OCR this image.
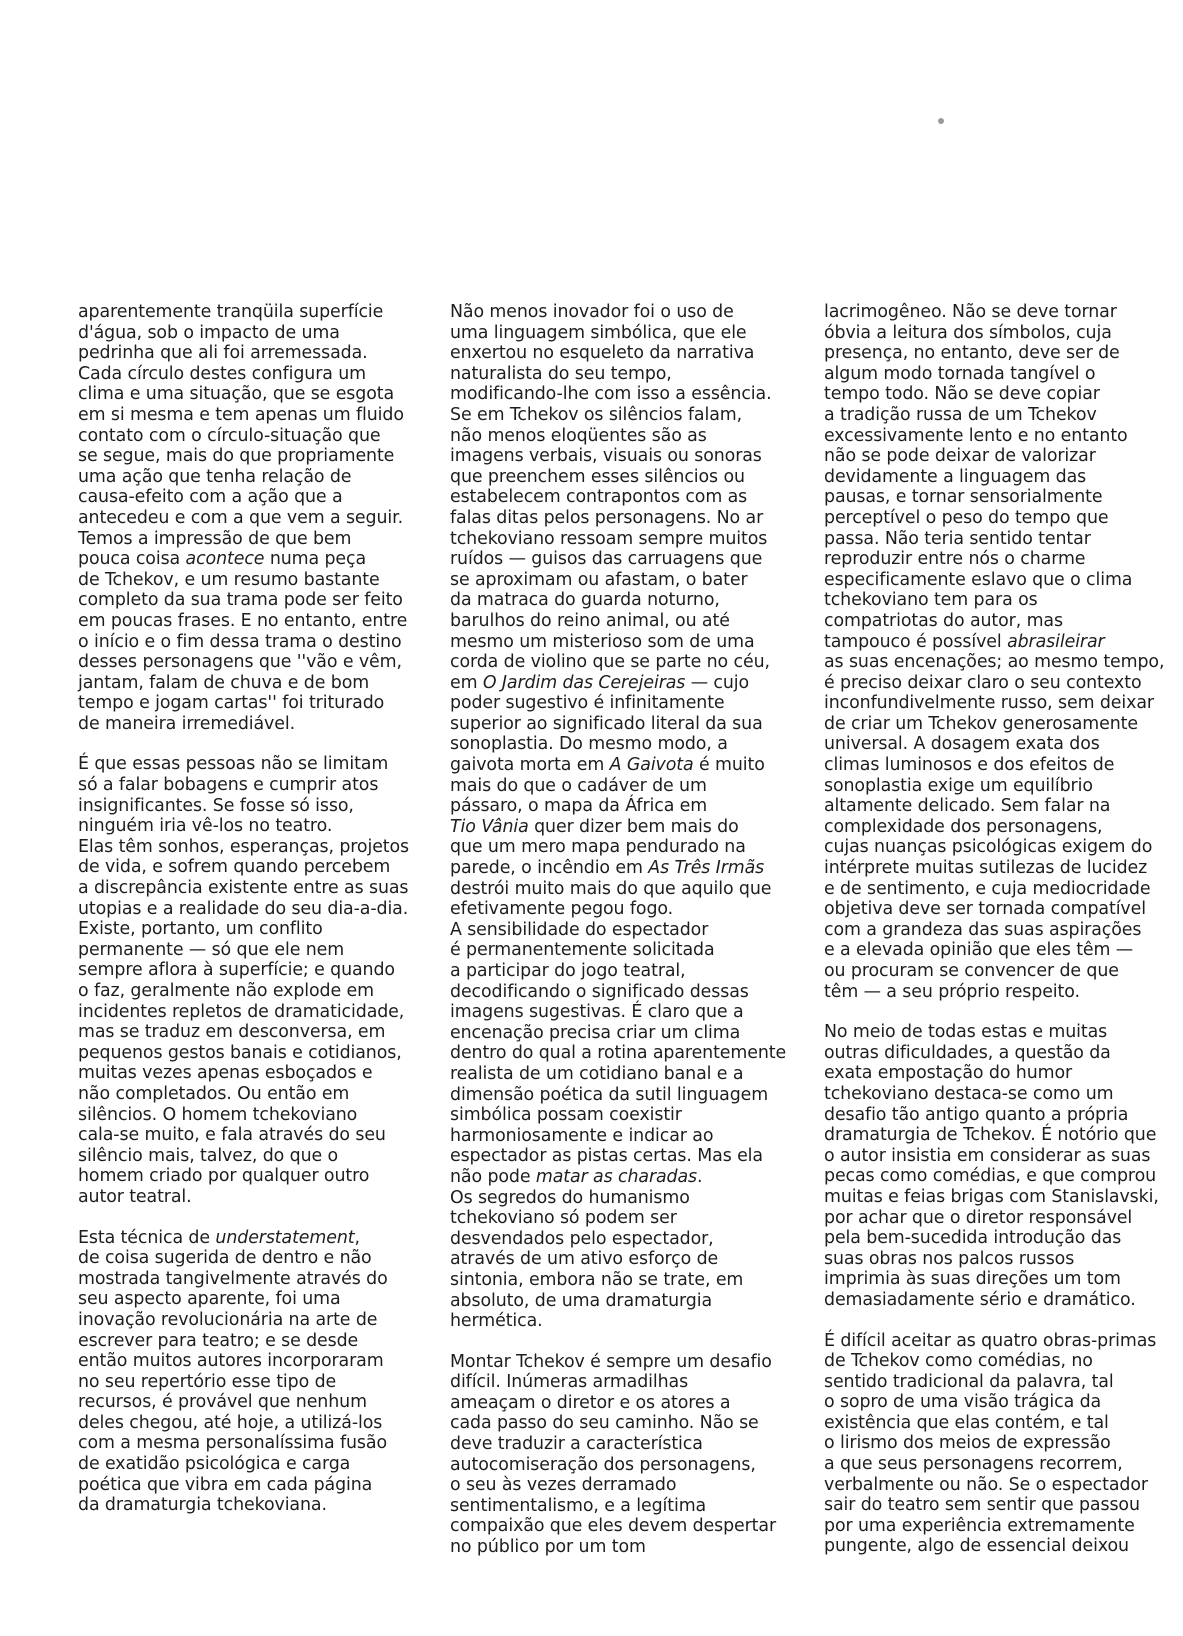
aparentemente tranqüila superfície

d'água, sob o impacto de uma

pedrinha que ali foi arremessada.

Cada círculo destes configura um

clima e uma situação, que se esgota

em si mesma e tem apenas um fluido

contato com o círculo-situação que

se segue, mais do que propriamente

uma ação que tenha relação de

causa-efeito com a ação que a

antecedeu e com a que vem a seguir.

Temos a impressão de que bem

pouca coisa acontece numa peça

de Tchekov, e um resumo bastante

completo da sua trama pode ser feito

em poucas frases. E no entanto, entre

o início e o fim dessa trama o destino

desses personagens que ''vão e vêm,

jantam, falam de chuva e de bom

tempo e jogam cartas'' foi triturado

de maneira irremediável.

É que essas pessoas não se limitam

só a falar bobagens e cumprir atos

insignificantes. Se fosse só isso,

ninguém iria vê-los no teatro.

Elas têm sonhos, esperanças, projetos

de vida, e sofrem quando percebem

a discrepância existente entre as suas

utopias e a realidade do seu dia-a-dia.

Existe, portanto, um conflito

permanente — só que ele nem

sempre aflora à superfície; e quando

o faz, geralmente não explode em

incidentes repletos de dramaticidade,

mas se traduz em desconversa, em

pequenos gestos banais e cotidianos,

muitas vezes apenas esboçados e

não completados. Ou então em

silêncios. O homem tchekoviano

cala-se muito, e fala através do seu

silêncio mais, talvez, do que o

homem criado por qualquer outro

autor teatral.

Esta técnica de understatement,

de coisa sugerida de dentro e não

mostrada tangivelmente através do

seu aspecto aparente, foi uma

inovação revolucionária na arte de

escrever para teatro; e se desde

então muitos autores incorporaram

no seu repertório esse tipo de

recursos, é provável que nenhum

deles chegou, até hoje, a utilizá-los

com a mesma personalíssima fusão

de exatidão psicológica e carga

poética que vibra em cada página

da dramaturgia tchekoviana.

Não menos inovador foi o uso de

uma linguagem simbólica, que ele

enxertou no esqueleto da narrativa

naturalista do seu tempo,

modificando-lhe com isso a essência.

Se em Tchekov os silêncios falam,

não menos eloqüentes são as

imagens verbais, visuais ou sonoras

que preenchem esses silêncios ou

estabelecem contrapontos com as

falas ditas pelos personagens. No ar

tchekoviano ressoam sempre muitos

ruídos — guisos das carruagens que

se aproximam ou afastam, o bater

da matraca do guarda noturno,

barulhos do reino animal, ou até

mesmo um misterioso som de uma

corda de violino que se parte no céu,

em O Jardim das Cerejeiras — cujo

poder sugestivo é infinitamente

superior ao significado literal da sua

sonoplastia. Do mesmo modo, a

gaivota morta em A Gaivota é muito

mais do que o cadáver de um

pássaro, o mapa da África em

Tio Vânia quer dizer bem mais do

que um mero mapa pendurado na

parede, o incêndio em As Três Irmãs

destrói muito mais do que aquilo que

efetivamente pegou fogo.

A sensibilidade do espectador

é permanentemente solicitada

a participar do jogo teatral,

decodificando o significado dessas

imagens sugestivas. É claro que a

encenação precisa criar um clima

dentro do qual a rotina aparentemente

realista de um cotidiano banal e a

dimensão poética da sutil linguagem

simbólica possam coexistir

harmoniosamente e indicar ao

espectador as pistas certas. Mas ela

não pode matar as charadas.

Os segredos do humanismo

tchekoviano só podem ser

desvendados pelo espectador,

através de um ativo esforço de

sintonia, embora não se trate, em

absoluto, de uma dramaturgia

hermética.

Montar Tchekov é sempre um desafio

difícil. Inúmeras armadilhas

ameaçam o diretor e os atores a

cada passo do seu caminho. Não se

deve traduzir a característica

autocomiseração dos personagens,

o seu às vezes derramado

sentimentalismo, e a legítima

compaixão que eles devem despertar

no público por um tom

lacrimogêneo. Não se deve tornar

óbvia a leitura dos símbolos, cuja

presença, no entanto, deve ser de

algum modo tornada tangível o

tempo todo. Não se deve copiar

a tradição russa de um Tchekov

excessivamente lento e no entanto

não se pode deixar de valorizar

devidamente a linguagem das

pausas, e tornar sensorialmente

perceptível o peso do tempo que

passa. Não teria sentido tentar

reproduzir entre nós o charme

especificamente eslavo que o clima

tchekoviano tem para os

compatriotas do autor, mas

tampouco é possível abrasileirar

as suas encenações; ao mesmo tempo,

é preciso deixar claro o seu contexto

inconfundivelmente russo, sem deixar

de criar um Tchekov generosamente

universal. A dosagem exata dos

climas luminosos e dos efeitos de

sonoplastia exige um equilíbrio

altamente delicado. Sem falar na

complexidade dos personagens,

cujas nuanças psicológicas exigem do

intérprete muitas sutilezas de lucidez

e de sentimento, e cuja mediocridade

objetiva deve ser tornada compatível

com a grandeza das suas aspirações

e a elevada opinião que eles têm —

ou procuram se convencer de que

têm — a seu próprio respeito.

No meio de todas estas e muitas

outras dificuldades, a questão da

exata empostação do humor

tchekoviano destaca-se como um

desafio tão antigo quanto a própria

dramaturgia de Tchekov. É notório que

o autor insistia em considerar as suas

pecas como comédias, e que comprou

muitas e feias brigas com Stanislavski,

por achar que o diretor responsável

pela bem-sucedida introdução das

suas obras nos palcos russos

imprimia às suas direções um tom

demasiadamente sério e dramático.

É difícil aceitar as quatro obras-primas

de Tchekov como comédias, no

sentido tradicional da palavra, tal

o sopro de uma visão trágica da

existência que elas contém, e tal

o lirismo dos meios de expressão

a que seus personagens recorrem,

verbalmente ou não. Se o espectador

sair do teatro sem sentir que passou

por uma experiência extremamente

pungente, algo de essencial deixou
